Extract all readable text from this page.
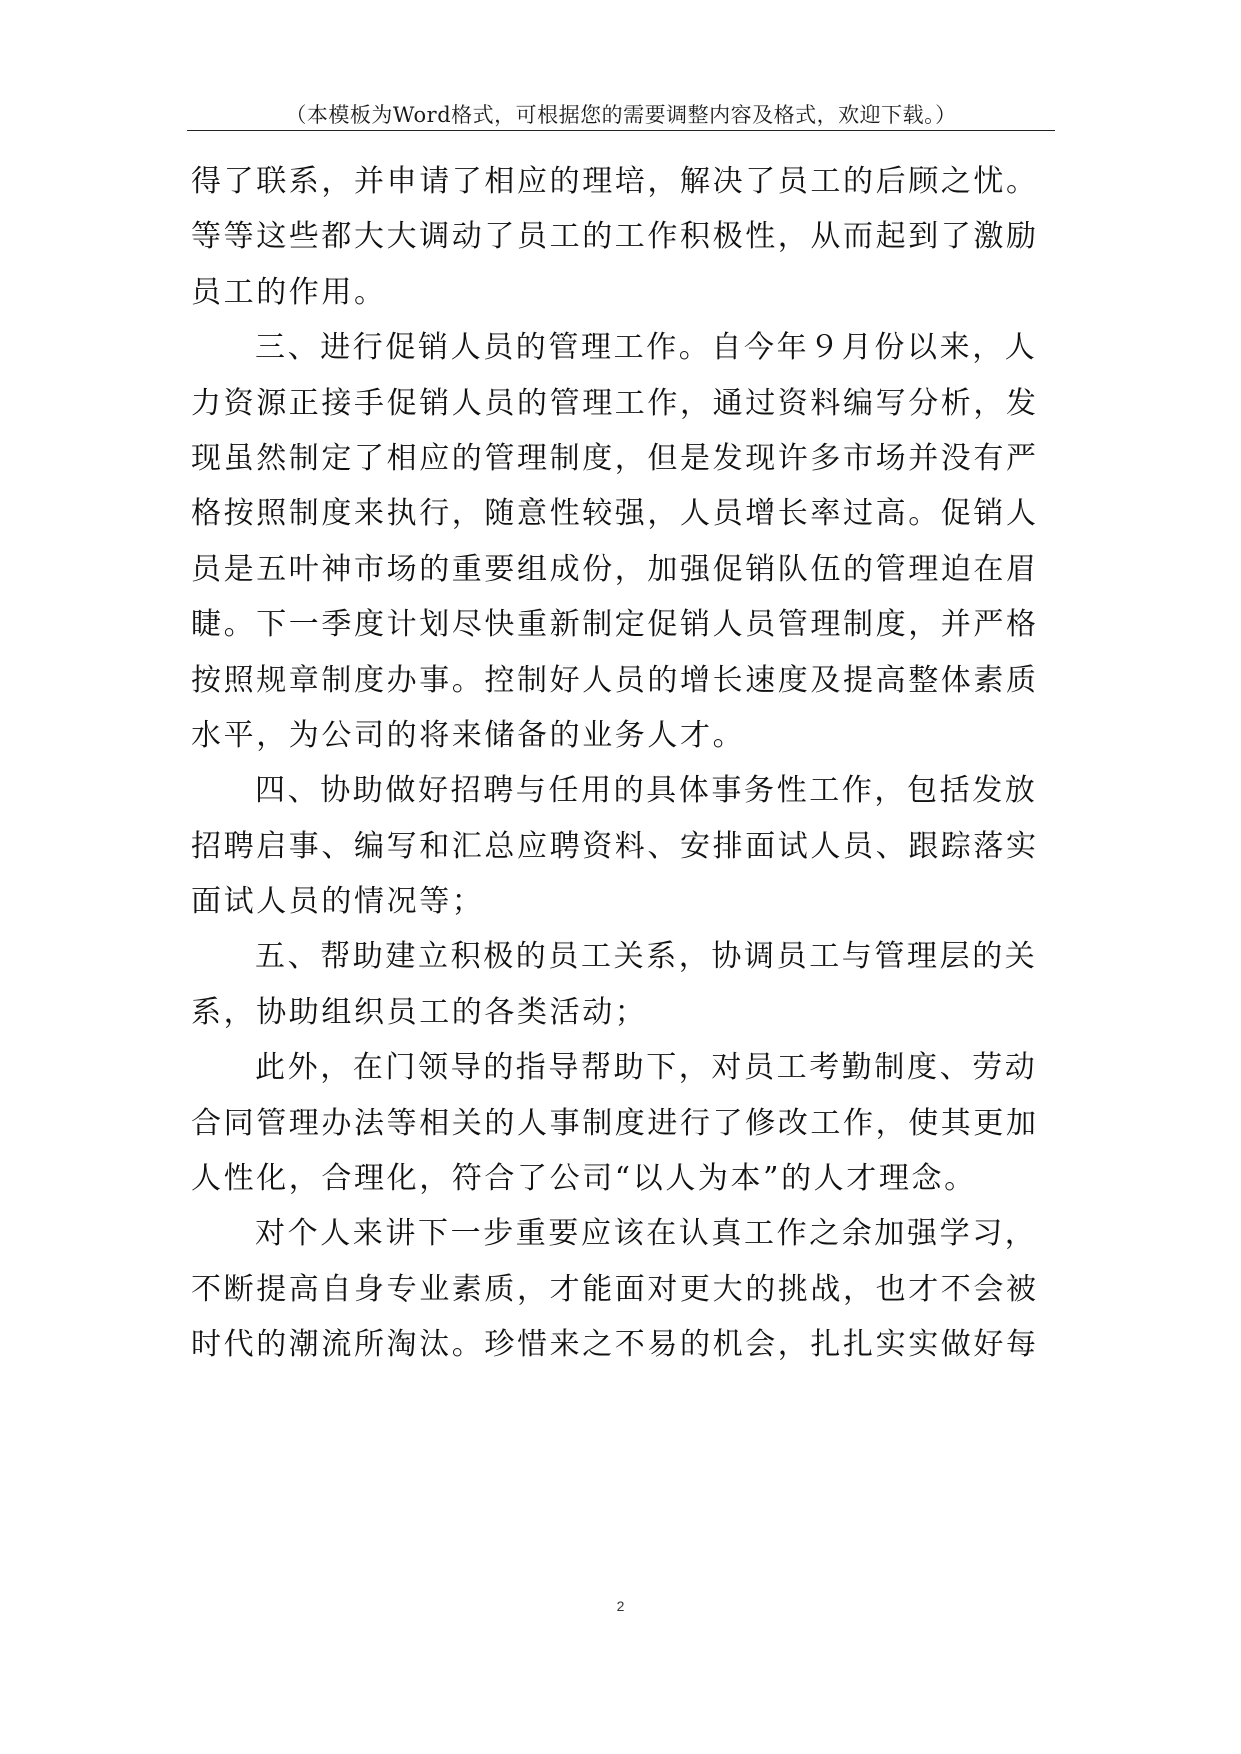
（本模板为Word格式，可根据您的需要调整内容及格式，欢迎下载。）
得了联系，并申请了相应的理培，解决了员工的后顾之忧。
等等这些都大大调动了员工的工作积极性，从而起到了激励
员工的作用。
三、进行促销人员的管理工作。自今年９月份以来，人
力资源正接手促销人员的管理工作，通过资料编写分析，发
现虽然制定了相应的管理制度，但是发现许多市场并没有严
格按照制度来执行，随意性较强，人员增长率过高。促销人
员是五叶神市场的重要组成份，加强促销队伍的管理迫在眉
睫。下一季度计划尽快重新制定促销人员管理制度，并严格
按照规章制度办事。控制好人员的增长速度及提高整体素质
水平，为公司的将来储备的业务人才。
四、协助做好招聘与任用的具体事务性工作，包括发放
招聘启事、编写和汇总应聘资料、安排面试人员、跟踪落实
面试人员的情况等；
五、帮助建立积极的员工关系，协调员工与管理层的关
系，协助组织员工的各类活动；
此外，在门领导的指导帮助下，对员工考勤制度、劳动
合同管理办法等相关的人事制度进行了修改工作，使其更加
人性化，合理化，符合了公司“以人为本”的人才理念。
对个人来讲下一步重要应该在认真工作之余加强学习，
不断提高自身专业素质，才能面对更大的挑战，也才不会被
时代的潮流所淘汰。珍惜来之不易的机会，扎扎实实做好每
2
